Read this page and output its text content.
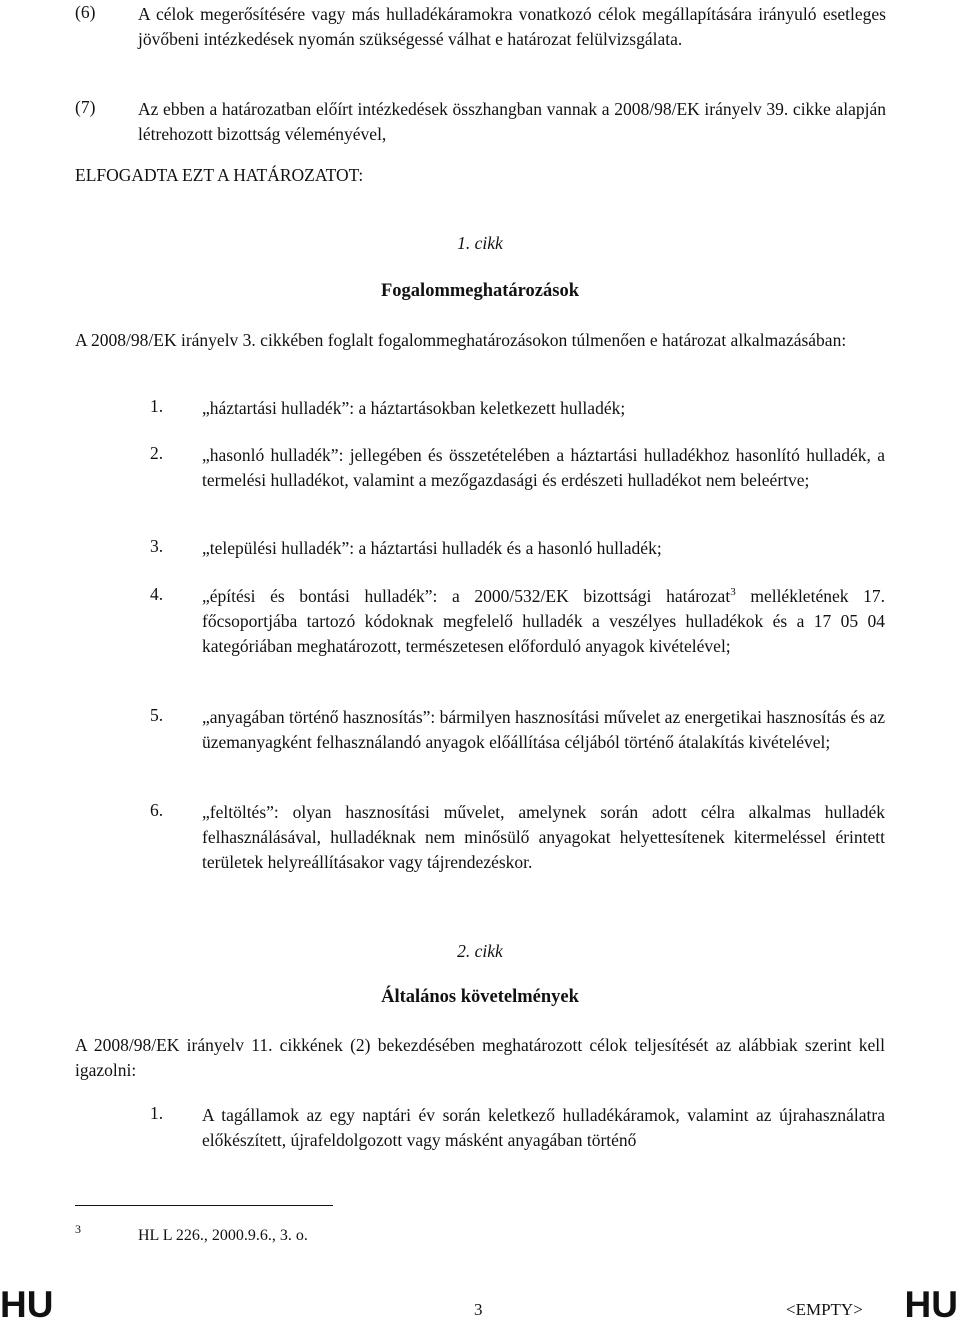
(6) A célok megerősítésére vagy más hulladékáramokra vonatkozó célok megállapítására irányuló esetleges jövőbeni intézkedések nyomán szükségessé válhat e határozat felülvizsgálata.
(7) Az ebben a határozatban előírt intézkedések összhangban vannak a 2008/98/EK irányelv 39. cikke alapján létrehozott bizottság véleményével,
ELFOGADTA EZT A HATÁROZATOT:
1. cikk
Fogalommeghatározások
A 2008/98/EK irányelv 3. cikkében foglalt fogalommeghatározásokon túlmenően e határozat alkalmazásában:
1. „háztartási hulladék”: a háztartásokban keletkezett hulladék;
2. „hasonló hulladék”: jellegében és összetételében a háztartási hulladékhoz hasonlító hulladék, a termelési hulladékot, valamint a mezőgazdasági és erdészeti hulladékot nem beleértve;
3. „települési hulladék”: a háztartási hulladék és a hasonló hulladék;
4. „építési és bontási hulladék”: a 2000/532/EK bizottsági határozat$^3$ mellékletének 17. főcsoportjába tartozó kódoknak megfelelő hulladék a veszélyes hulladékok és a 17 05 04 kategóriában meghatározott, természetesen előforduló anyagok kivételével;
5. „anyagában történő hasznosítás”: bármilyen hasznosítási művelet az energetikai hasznosítás és az üzemanyagként felhasználandó anyagok előállítása céljából történő átalakítás kivételével;
6. „feltöltés”: olyan hasznosítási művelet, amelynek során adott célra alkalmas hulladék felhasználásával, hulladéknak nem minősülő anyagokat helyettesítenek kitermeléssel érintett területek helyreállításakor vagy tájrendezéskor.
2. cikk
Általános követelmények
A 2008/98/EK irányelv 11. cikkének (2) bekezdésében meghatározott célok teljesítését az alábbiak szerint kell igazolni:
1. A tagállamok az egy naptári év során keletkező hulladékáramok, valamint az újrahasználatra előkészített, újrafeldolgozott vagy másként anyagában történő
3	HL L 226., 2000.9.6., 3. o.
HU	3	<EMPTY> HU
